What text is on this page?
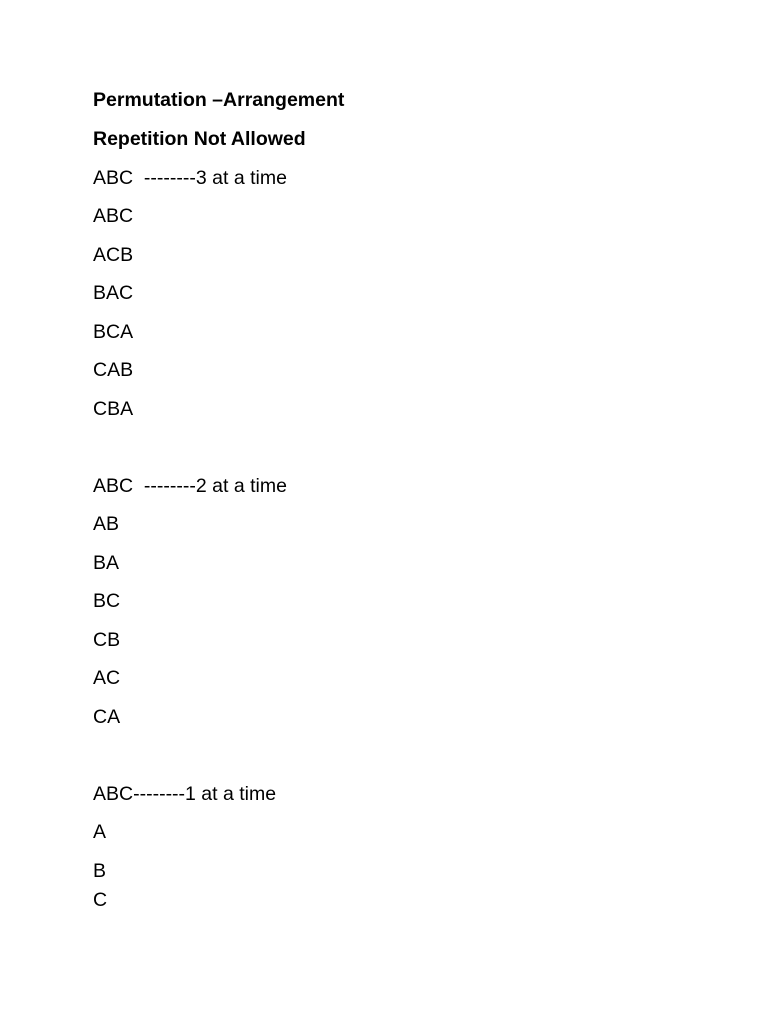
Permutation –Arrangement

Repetition Not Allowed

ABC  --------3 at a time

ABC

ACB

BAC

BCA

CAB

CBA

ABC  --------2 at a time

AB

BA

BC

CB

AC

CA

ABC--------1 at a time

A

B

C
